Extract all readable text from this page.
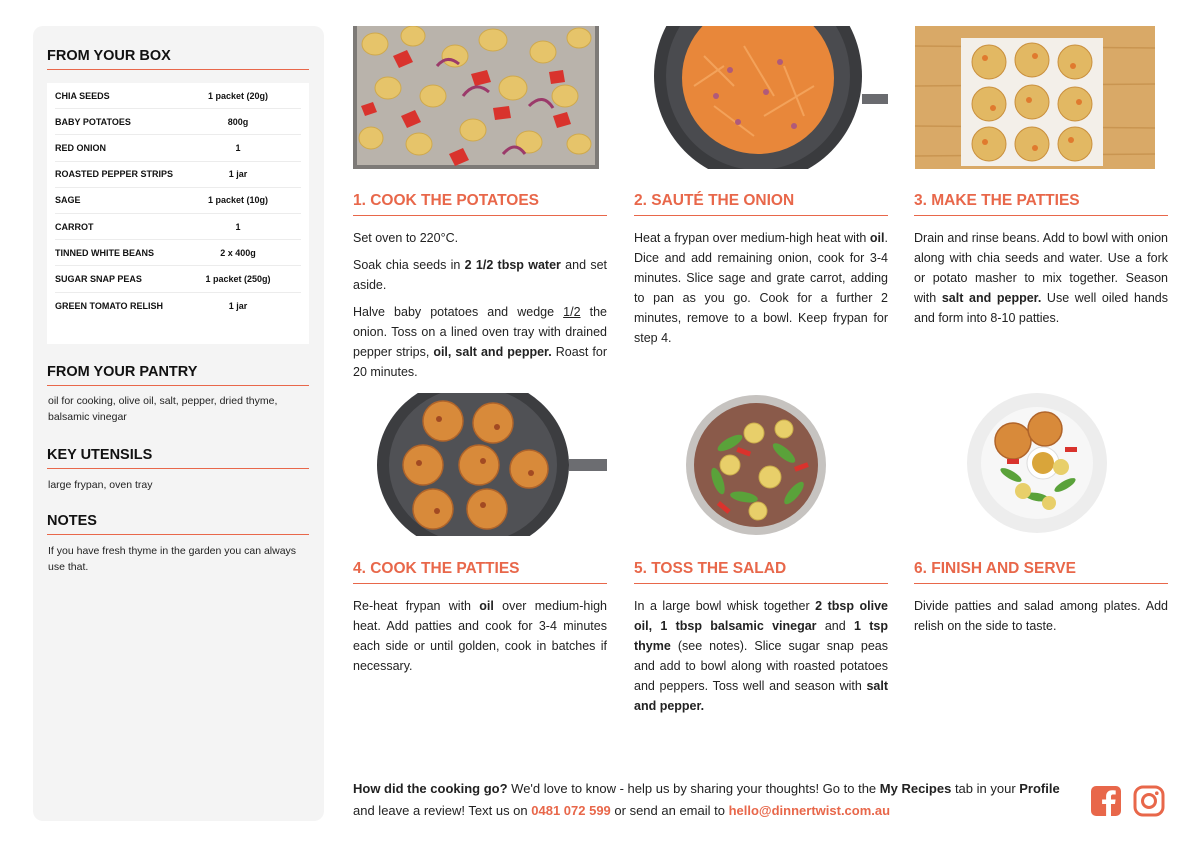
FROM YOUR BOX
CHIA SEEDS	1 packet (20g)
BABY POTATOES	800g
RED ONION	1
ROASTED PEPPER STRIPS	1 jar
SAGE	1 packet (10g)
CARROT	1
TINNED WHITE BEANS	2 x 400g
SUGAR SNAP PEAS	1 packet (250g)
GREEN TOMATO RELISH	1 jar
FROM YOUR PANTRY
oil for cooking, olive oil, salt, pepper, dried thyme, balsamic vinegar
KEY UTENSILS
large frypan, oven tray
NOTES
If you have fresh thyme in the garden you can always use that.
1. COOK THE POTATOES

Set oven to 220°C.

Soak chia seeds in 2 1/2 tbsp water and set aside.

Halve baby potatoes and wedge 1/2 the onion. Toss on a lined oven tray with drained pepper strips, oil, salt and pepper. Roast for 20 minutes.

2. SAUTÉ THE ONION

Heat a frypan over medium-high heat with oil. Dice and add remaining onion, cook for 3-4 minutes. Slice sage and grate carrot, adding to pan as you go. Cook for a further 2 minutes, remove to a bowl. Keep frypan for step 4.

3. MAKE THE PATTIES

Drain and rinse beans. Add to bowl with onion along with chia seeds and water. Use a fork or potato masher to mix together. Season with salt and pepper. Use well oiled hands and form into 8-10 patties.

4. COOK THE PATTIES

Re-heat frypan with oil over medium-high heat. Add patties and cook for 3-4 minutes each side or until golden, cook in batches if necessary.

5. TOSS THE SALAD

In a large bowl whisk together 2 tbsp olive oil, 1 tbsp balsamic vinegar and 1 tsp thyme (see notes). Slice sugar snap peas and add to bowl along with roasted potatoes and peppers. Toss well and season with salt and pepper.

6. FINISH AND SERVE

Divide patties and salad among plates. Add relish on the side to taste.

How did the cooking go? We'd love to know - help us by sharing your thoughts! Go to the My Recipes tab in your Profile and leave a review! Text us on 0481 072 599 or send an email to hello@dinnertwist.com.au
